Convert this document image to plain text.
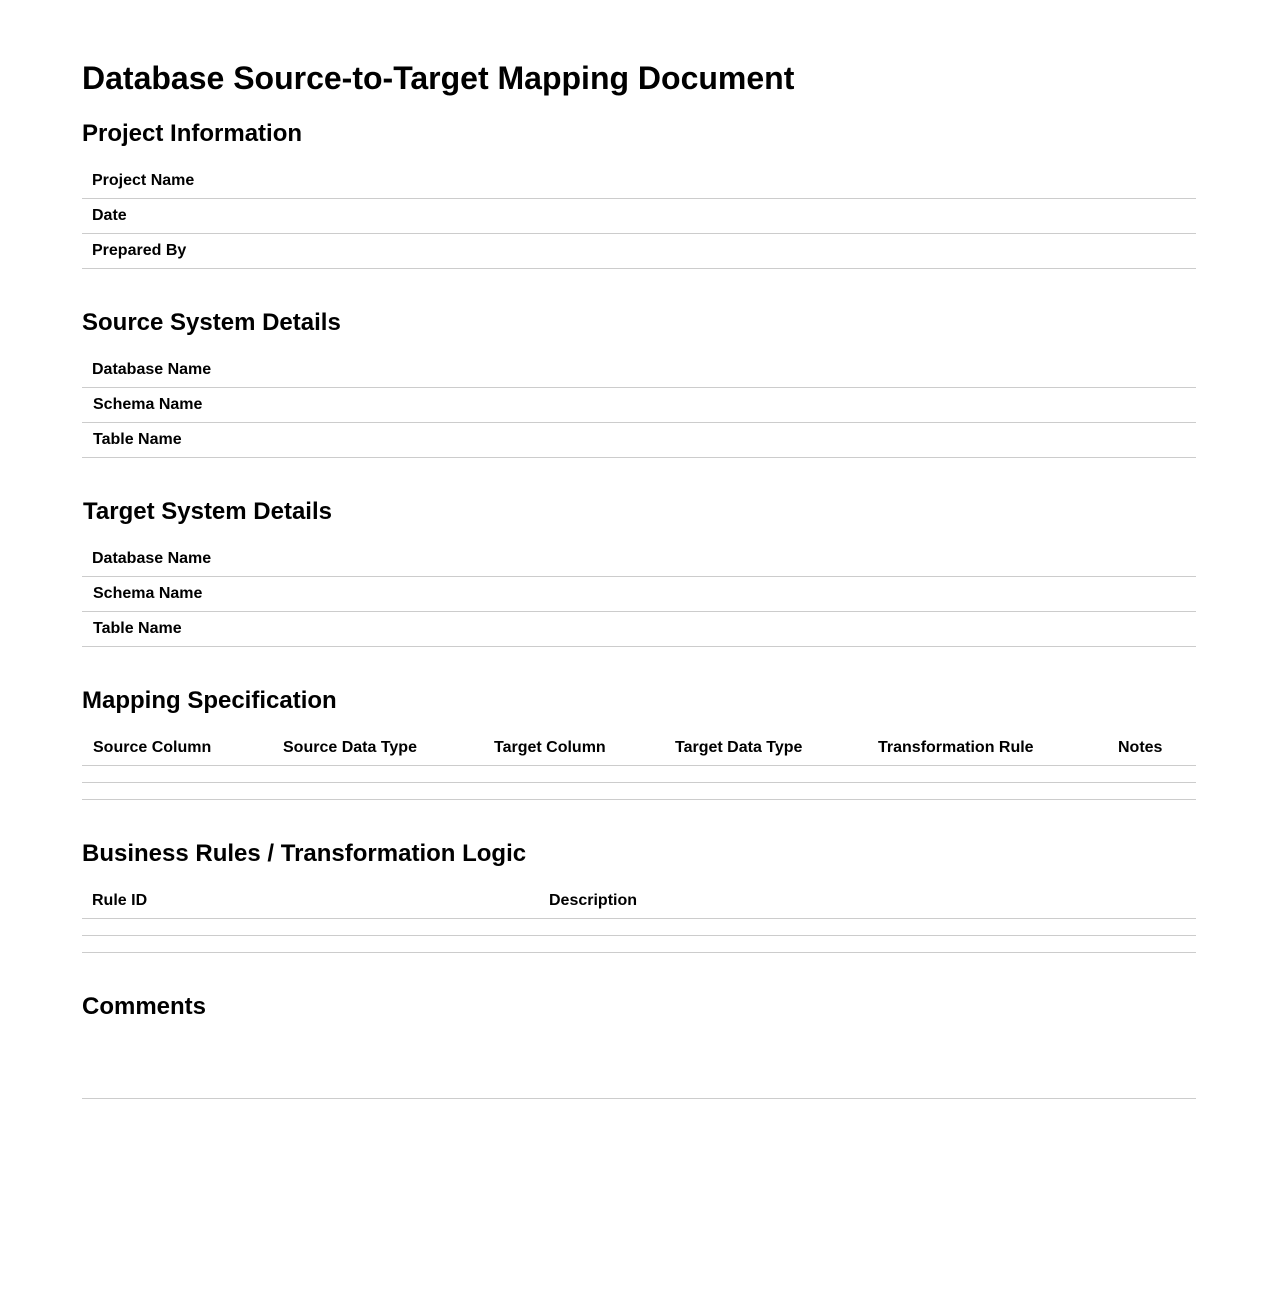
Database Source-to-Target Mapping Document
Project Information
Project Name
Date
Prepared By
Source System Details
Database Name
Schema Name
Table Name
Target System Details
Database Name
Schema Name
Table Name
Mapping Specification
Source Column	Source Data Type	Target Column	Target Data Type	Transformation Rule	Notes

Business Rules / Transformation Logic
Rule ID	Description

Comments
